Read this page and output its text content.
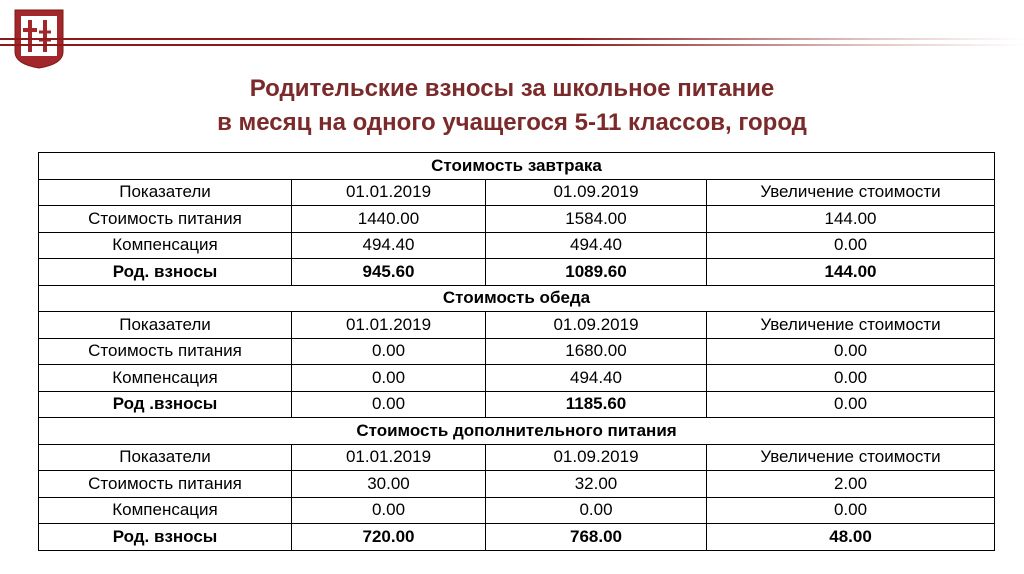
Родительские взносы за школьное питание
в месяц на одного учащегося 5-11 классов, город
Стоимость завтрака			
Показатели	01.01.2019	01.09.2019	Увеличение стоимости
Стоимость питания	1440.00	1584.00	144.00
Компенсация	494.40	494.40	0.00
Род. взносы	945.60	1089.60	144.00
Стоимость обеда			
Показатели	01.01.2019	01.09.2019	Увеличение стоимости
Стоимость питания	0.00	1680.00	0.00
Компенсация	0.00	494.40	0.00
Род .взносы	0.00	1185.60	0.00
Стоимость дополнительного питания			
Показатели	01.01.2019	01.09.2019	Увеличение стоимости
Стоимость питания	30.00	32.00	2.00
Компенсация	0.00	0.00	0.00
Род. взносы	720.00	768.00	48.00
